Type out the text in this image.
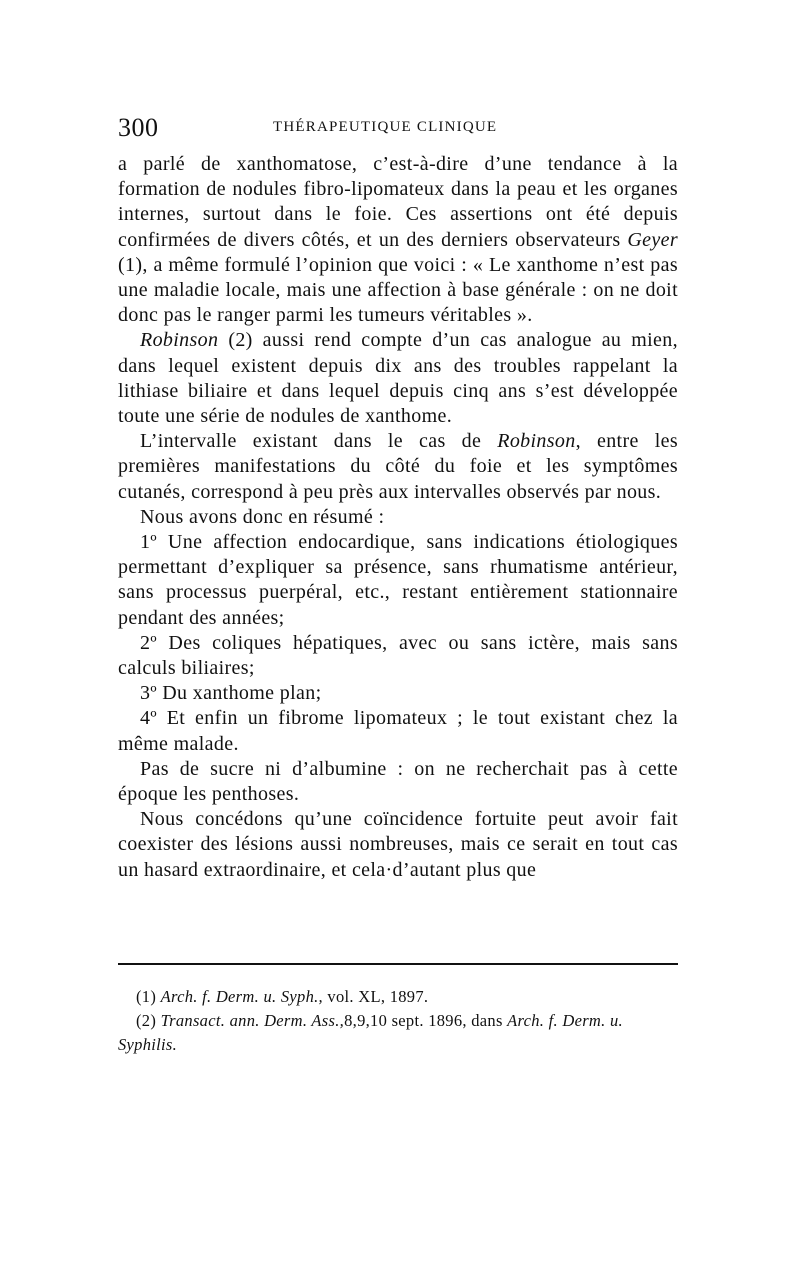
300	THÉRAPEUTIQUE CLINIQUE

a parlé de xanthomatose, c’est-à-dire d’une tendance à la formation de nodules fibro-lipomateux dans la peau et les organes internes, surtout dans le foie. Ces assertions ont été depuis confirmées de divers côtés, et un des derniers observateurs Geyer (1), a même formulé l’opinion que voici : « Le xanthome n’est pas une maladie locale, mais une affection à base générale : on ne doit donc pas le ranger parmi les tumeurs véritables ».

Robinson (2) aussi rend compte d’un cas analogue au mien, dans lequel existent depuis dix ans des troubles rappelant la lithiase biliaire et dans lequel depuis cinq ans s’est développée toute une série de nodules de xanthome.

L’intervalle existant dans le cas de Robinson, entre les premières manifestations du côté du foie et les symptômes cutanés, correspond à peu près aux intervalles observés par nous.

Nous avons donc en résumé :

1º Une affection endocardique, sans indications étiologiques permettant d’expliquer sa présence, sans rhumatisme antérieur, sans processus puerpéral, etc., restant entièrement stationnaire pendant des années;

2º Des coliques hépatiques, avec ou sans ictère, mais sans calculs biliaires;

3º Du xanthome plan;

4º Et enfin un fibrome lipomateux ; le tout existant chez la même malade.

Pas de sucre ni d’albumine : on ne recherchait pas à cette époque les penthoses.

Nous concédons qu’une coïncidence fortuite peut avoir fait coexister des lésions aussi nombreuses, mais ce serait en tout cas un hasard extraordinaire, et cela·d’autant plus que

(1) Arch. f. Derm. u. Syph., vol. XL, 1897.

(2) Transact. ann. Derm. Ass.,8,9,10 sept. 1896, dans Arch. f. Derm. u. Syphilis.
